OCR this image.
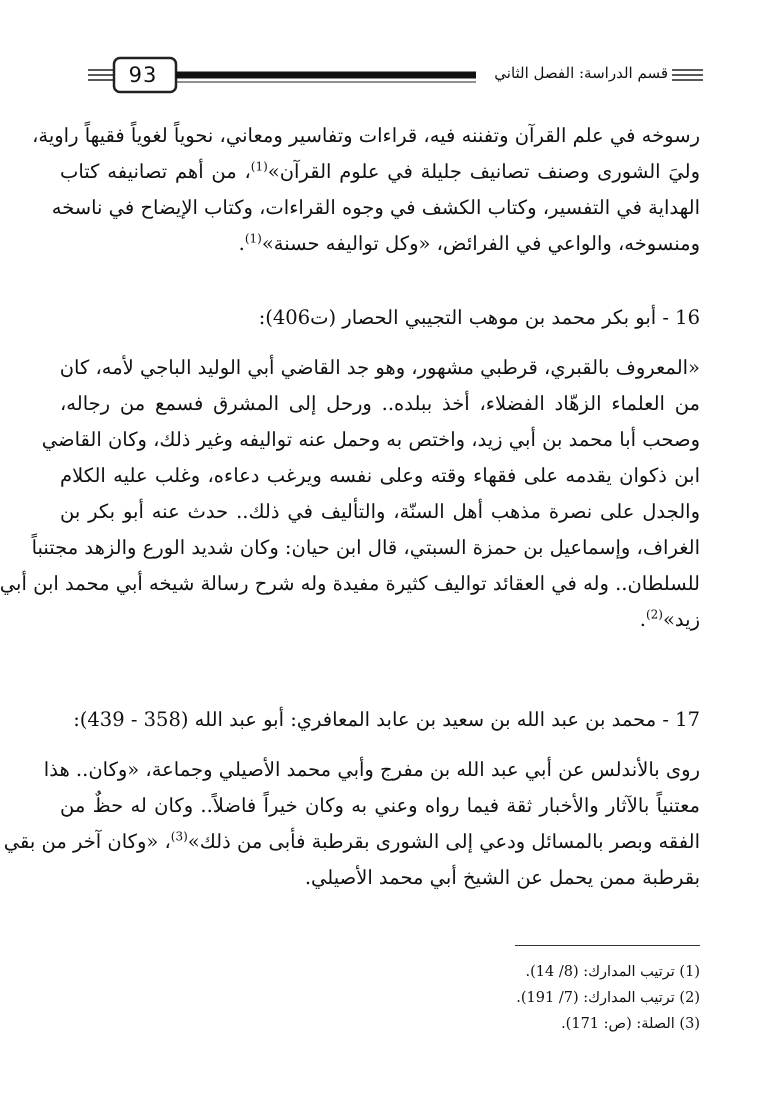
93	قسم الدراسة: الفصل الثاني

رسوخه في علم القرآن وتفننه فيه، قراءات وتفاسير ومعاني، نحوياً لغوياً فقيهاً راوية،
وليَ الشورى وصنف تصانيف جليلة في علوم القرآن»$^{(1)}$، من أهم تصانيفه كتاب
الهداية في التفسير، وكتاب الكشف في وجوه القراءات، وكتاب الإيضاح في ناسخه
ومنسوخه، والواعي في الفرائض، «وكل تواليفه حسنة»$^{(1)}$.

16 - أبو بكر محمد بن موهب التجيبي الحصار (ت406):

«المعروف بالقبري، قرطبي مشهور، وهو جد القاضي أبي الوليد الباجي لأمه، كان
من العلماء الزهّاد الفضلاء، أخذ ببلده.. ورحل إلى المشرق فسمع من رجاله،
وصحب أبا محمد بن أبي زيد، واختص به وحمل عنه تواليفه وغير ذلك، وكان القاضي
ابن ذكوان يقدمه على فقهاء وقته وعلى نفسه ويرغب دعاءه، وغلب عليه الكلام
والجدل على نصرة مذهب أهل السنّة، والتأليف في ذلك.. حدث عنه أبو بكر بن
الغراف، وإسماعيل بن حمزة السبتي، قال ابن حيان: وكان شديد الورع والزهد مجتنباً
للسلطان.. وله في العقائد تواليف كثيرة مفيدة وله شرح رسالة شيخه أبي محمد ابن أبي
زيد»$^{(2)}$.

17 - محمد بن عبد الله بن سعيد بن عابد المعافري: أبو عبد الله (358 - 439):

روى بالأندلس عن أبي عبد الله بن مفرج وأبي محمد الأصيلي وجماعة، «وكان.. هذا
معتنياً بالآثار والأخبار ثقة فيما رواه وعني به وكان خيراً فاضلاً.. وكان له حظٌ من
الفقه وبصر بالمسائل ودعي إلى الشورى بقرطبة فأبى من ذلك»$^{(3)}$، «وكان آخر من بقي
بقرطبة ممن يحمل عن الشيخ أبي محمد الأصيلي.

(1) ترتيب المدارك: (8/ 14).
(2) ترتيب المدارك: (7/ 191).
(3) الصلة: (ص: 171).
